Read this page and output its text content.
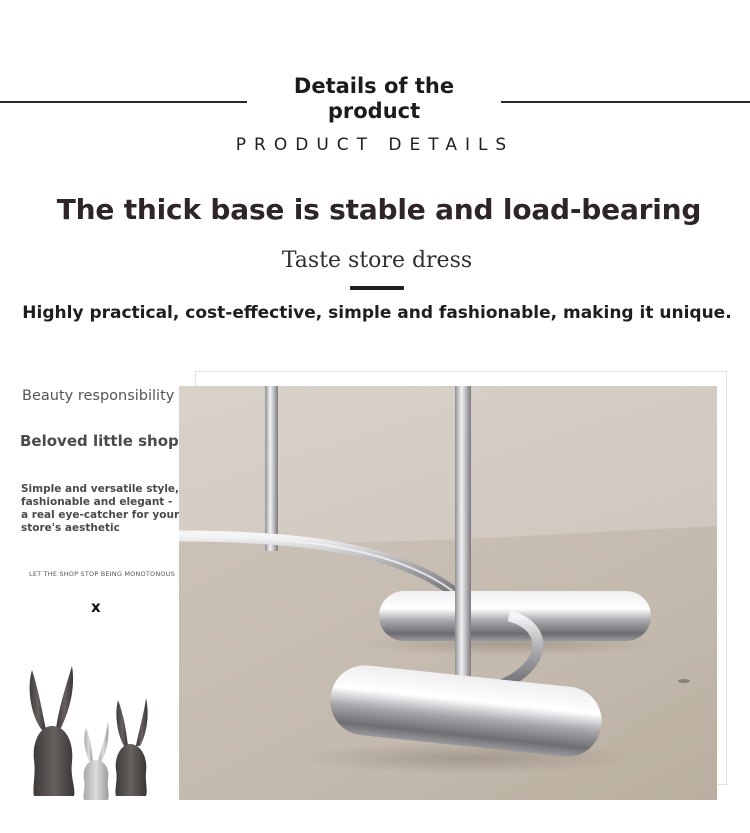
Details of the product
PRODUCT DETAILS
The thick base is stable and load-bearing
Taste store dress
Highly practical, cost-effective, simple and fashionable, making it unique.
Beauty responsibility
Beloved little shop
Simple and versatile style, fashionable and elegant - a real eye-catcher for your store's aesthetic
LET THE SHOP STOP BEING MONOTONOUS
x
